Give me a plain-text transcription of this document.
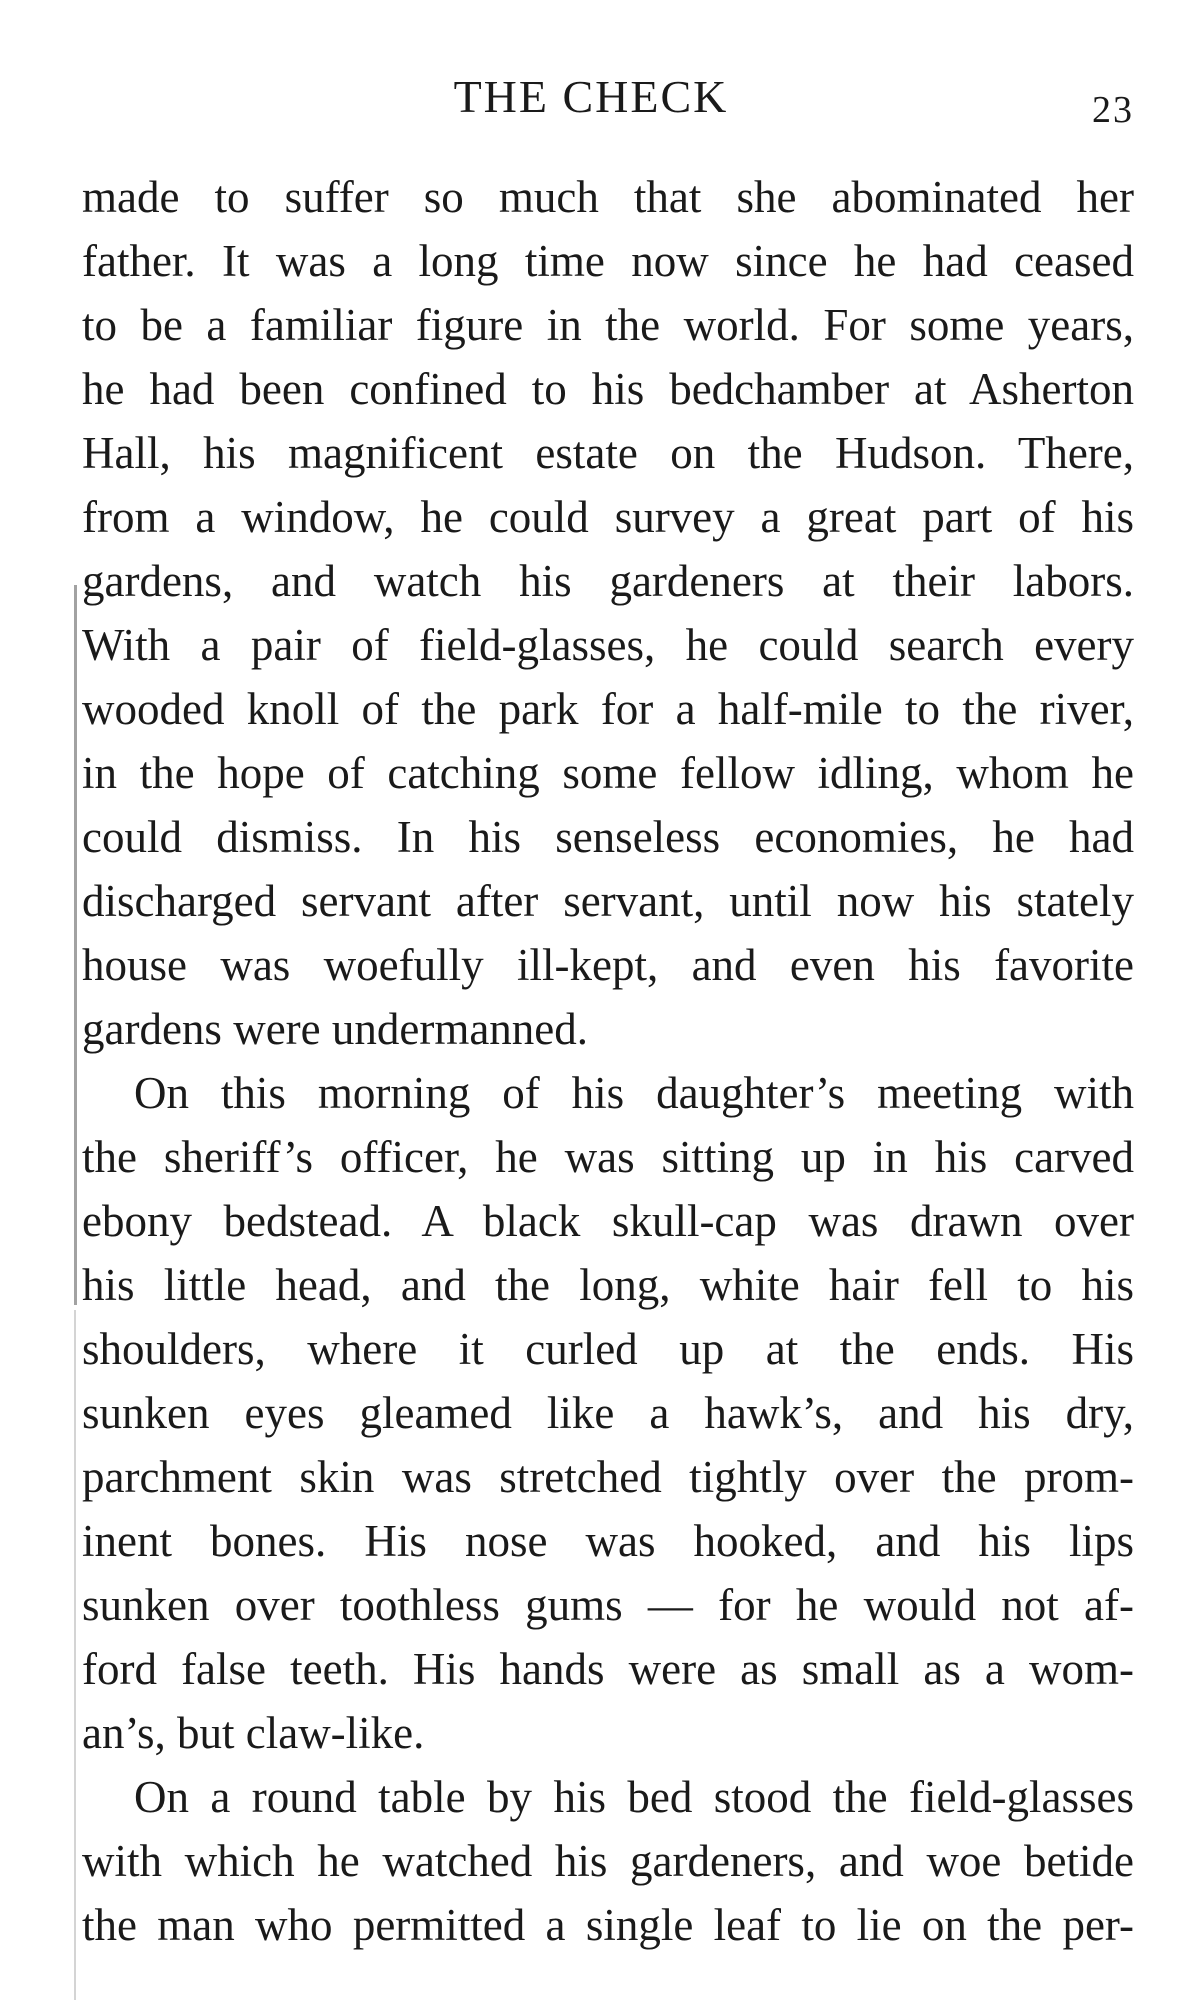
THE CHECK	23
made to suffer so much that she abominated her
father. It was a long time now since he had ceased
to be a familiar figure in the world. For some years,
he had been confined to his bedchamber at Asherton
Hall, his magnificent estate on the Hudson. There,
from a window, he could survey a great part of his
gardens, and watch his gardeners at their labors.
With a pair of field-glasses, he could search every
wooded knoll of the park for a half-mile to the river,
in the hope of catching some fellow idling, whom he
could dismiss. In his senseless economies, he had
discharged servant after servant, until now his stately
house was woefully ill-kept, and even his favorite
gardens were undermanned.
On this morning of his daughter’s meeting with
the sheriff’s officer, he was sitting up in his carved
ebony bedstead. A black skull-cap was drawn over
his little head, and the long, white hair fell to his
shoulders, where it curled up at the ends. His
sunken eyes gleamed like a hawk’s, and his dry,
parchment skin was stretched tightly over the prom-
inent bones. His nose was hooked, and his lips
sunken over toothless gums — for he would not af-
ford false teeth. His hands were as small as a wom-
an’s, but claw-like.
On a round table by his bed stood the field-glasses
with which he watched his gardeners, and woe betide
the man who permitted a single leaf to lie on the per-
